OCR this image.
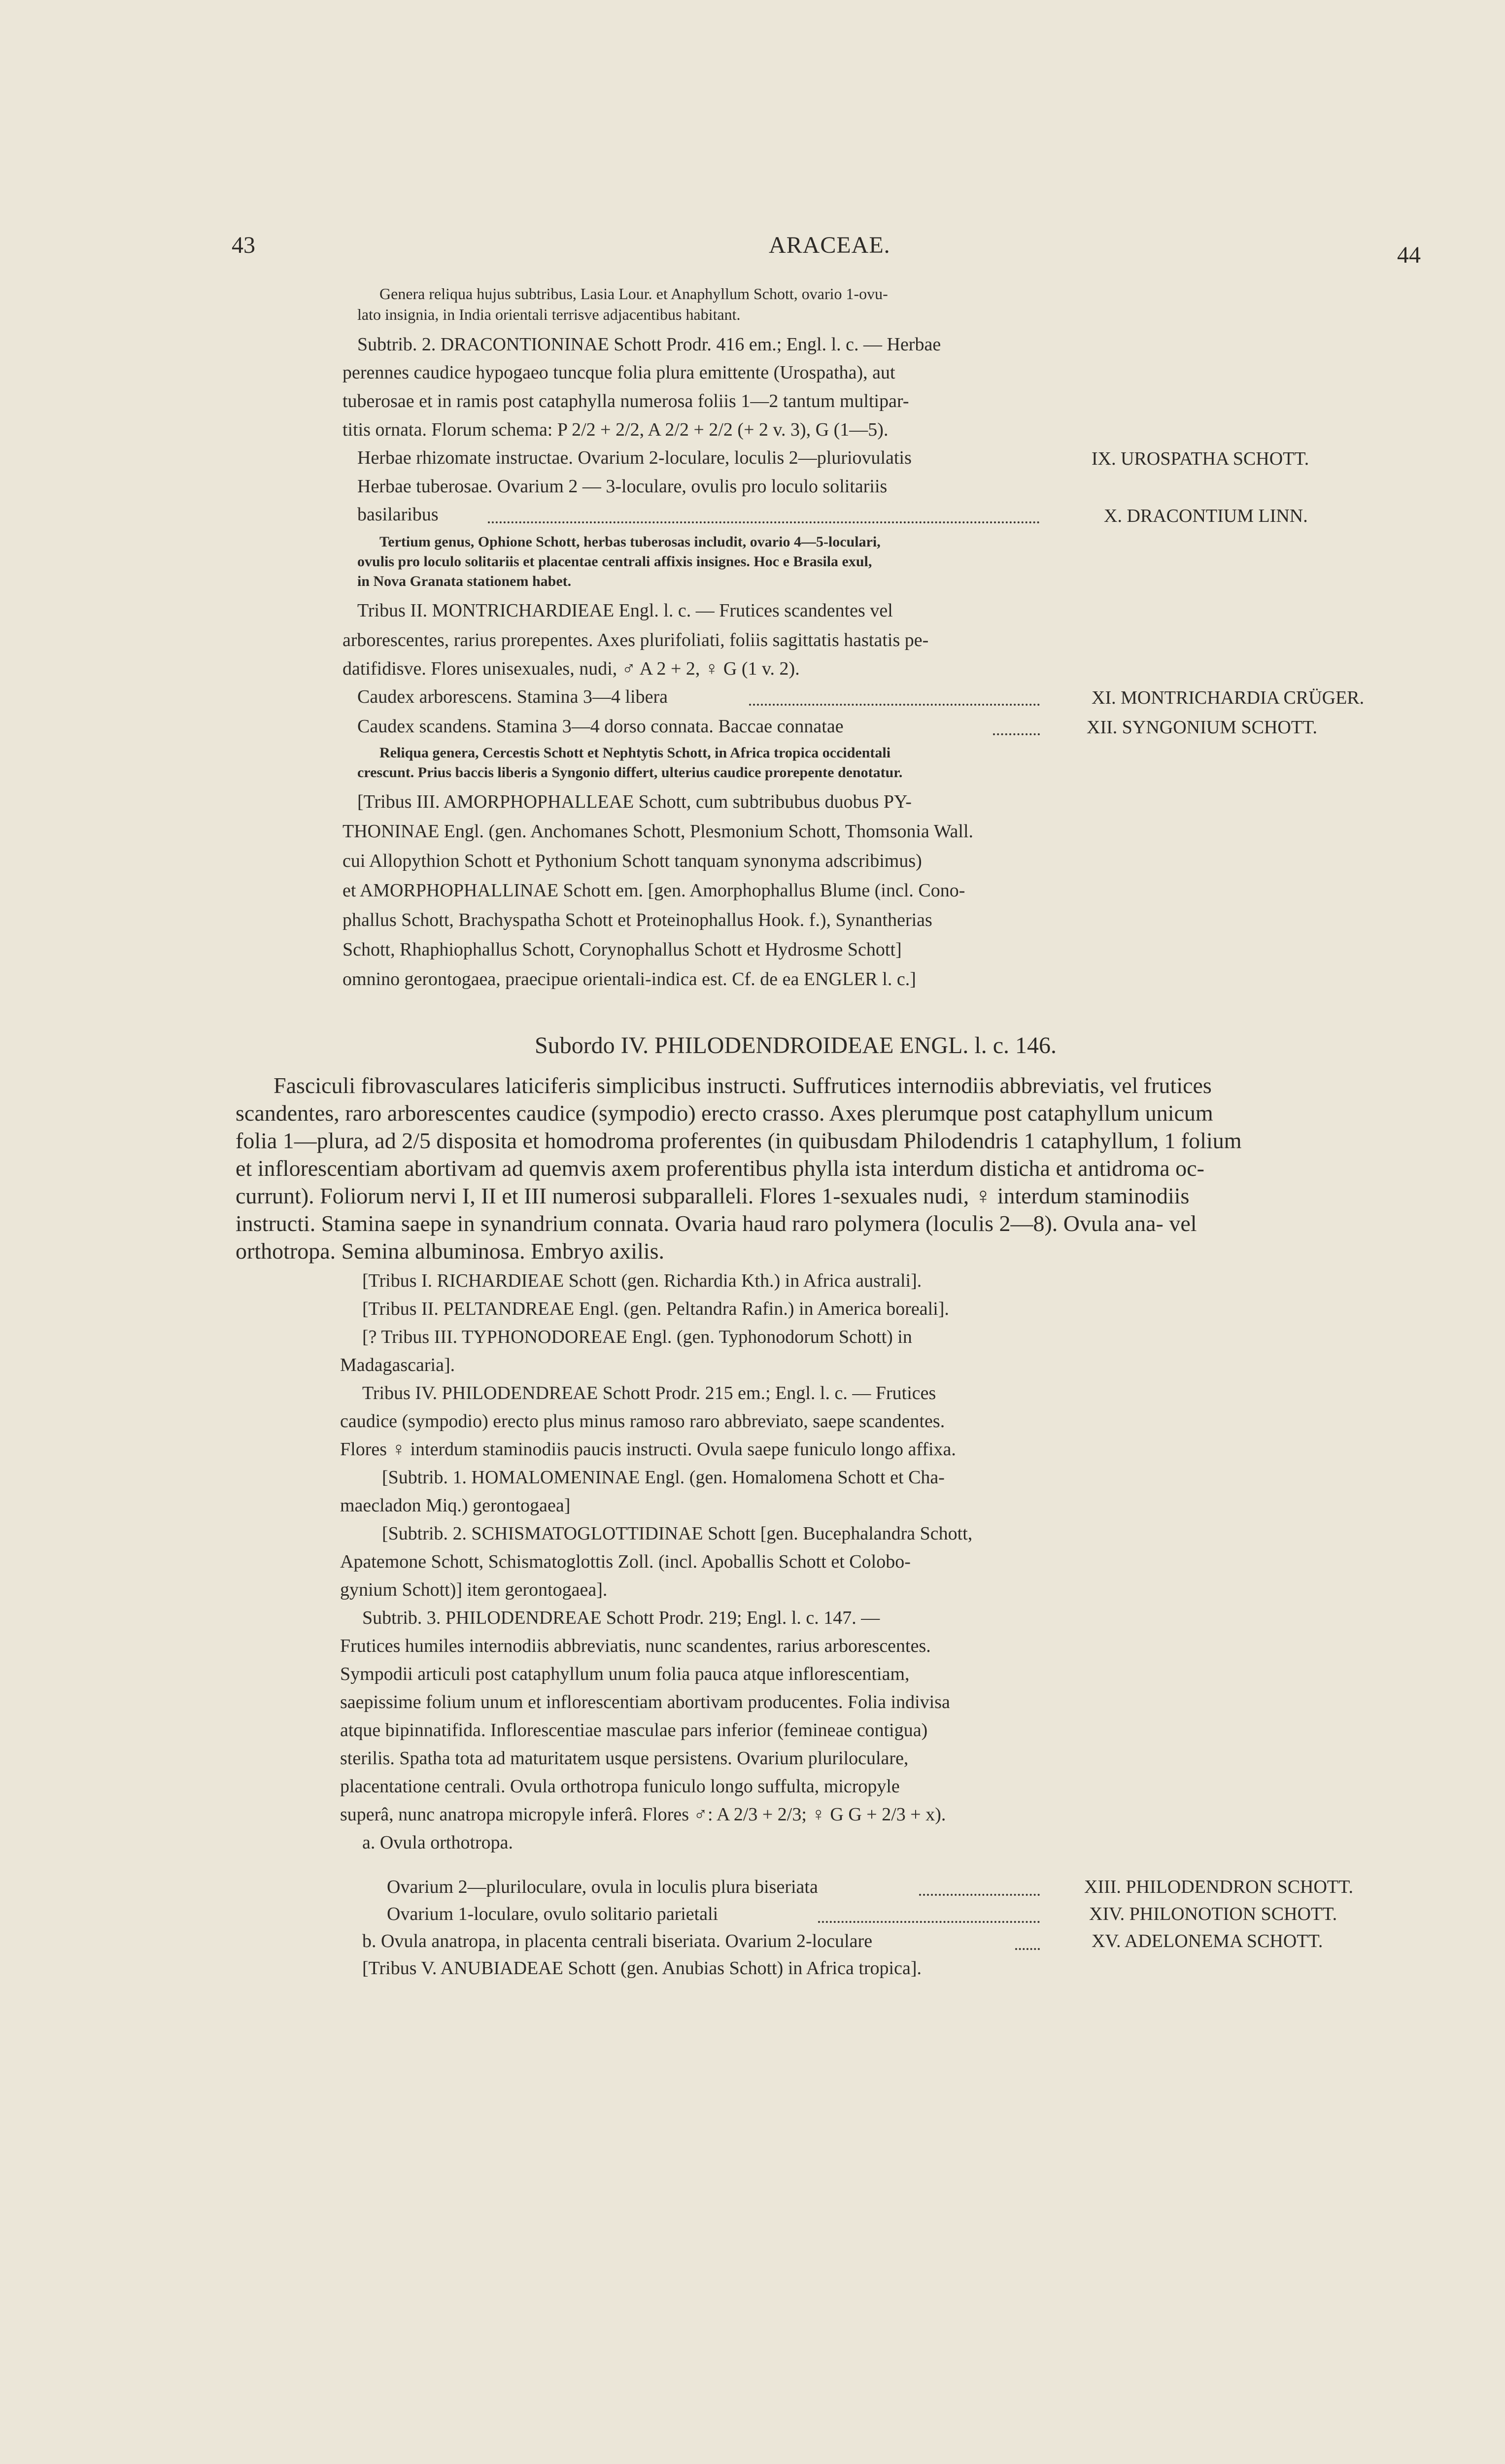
43	ARACEAE.	44
Genera reliqua hujus subtribus, Lasia Lour. et Anaphyllum Schott, ovario 1-ovu-
lato insignia, in India orientali terrisve adjacentibus habitant.
Subtrib. 2. DRACONTIONINAE Schott Prodr. 416 em.; Engl. l. c. — Herbae
perennes caudice hypogaeo tuncque folia plura emittente (Urospatha), aut
tuberosae et in ramis post cataphylla numerosa foliis 1—2 tantum multipar-
titis ornata. Florum schema: P 2/2 + 2/2, A 2/2 + 2/2 (+ 2 v. 3), G (1—5).
Herbae rhizomate instructae. Ovarium 2-loculare, loculis 2—pluriovulatis
Herbae tuberosae. Ovarium 2 — 3-loculare, ovulis pro loculo solitariis
basilaribus
Tertium genus, Ophione Schott, herbas tuberosas includit, ovario 4—5-loculari,
ovulis pro loculo solitariis et placentae centrali affixis insignes. Hoc e Brasila exul,
in Nova Granata stationem habet.
Tribus II. MONTRICHARDIEAE Engl. l. c. — Frutices scandentes vel
arborescentes, rarius prorepentes. Axes plurifoliati, foliis sagittatis hastatis pe-
datifidisve. Flores unisexuales, nudi, ♂ A 2 + 2, ♀ G (1 v. 2).
Caudex arborescens. Stamina 3—4 libera
Caudex scandens. Stamina 3—4 dorso connata. Baccae connatae
Reliqua genera, Cercestis Schott et Nephtytis Schott, in Africa tropica occidentali
crescunt. Prius baccis liberis a Syngonio differt, ulterius caudice prorepente denotatur.
[Tribus III. AMORPHOPHALLEAE Schott, cum subtribubus duobus PY-
THONINAE Engl. (gen. Anchomanes Schott, Plesmonium Schott, Thomsonia Wall.
cui Allopythion Schott et Pythonium Schott tanquam synonyma adscribimus)
et AMORPHOPHALLINAE Schott em. [gen. Amorphophallus Blume (incl. Cono-
phallus Schott, Brachyspatha Schott et Proteinophallus Hook. f.), Synantherias
Schott, Rhaphiophallus Schott, Corynophallus Schott et Hydrosme Schott]
omnino gerontogaea, praecipue orientali-indica est. Cf. de ea ENGLER l. c.]
IX. UROSPATHA SCHOTT.
X. DRACONTIUM LINN.
XI. MONTRICHARDIA CRÜGER.
XII. SYNGONIUM SCHOTT.
Subordo IV. PHILODENDROIDEAE ENGL. l. c. 146.
Fasciculi fibrovasculares laticiferis simplicibus instructi. Suffrutices internodiis abbreviatis, vel frutices
scandentes, raro arborescentes caudice (sympodio) erecto crasso. Axes plerumque post cataphyllum unicum
folia 1—plura, ad 2/5 disposita et homodroma proferentes (in quibusdam Philodendris 1 cataphyllum, 1 folium
et inflorescentiam abortivam ad quemvis axem proferentibus phylla ista interdum disticha et antidroma oc-
currunt). Foliorum nervi I, II et III numerosi subparalleli. Flores 1-sexuales nudi, ♀ interdum staminodiis
instructi. Stamina saepe in synandrium connata. Ovaria haud raro polymera (loculis 2—8). Ovula ana- vel
orthotropa. Semina albuminosa. Embryo axilis.
[Tribus I. RICHARDIEAE Schott (gen. Richardia Kth.) in Africa australi].
[Tribus II. PELTANDREAE Engl. (gen. Peltandra Rafin.) in America boreali].
[? Tribus III. TYPHONODOREAE Engl. (gen. Typhonodorum Schott) in
Madagascaria].
Tribus IV. PHILODENDREAE Schott Prodr. 215 em.; Engl. l. c. — Frutices
caudice (sympodio) erecto plus minus ramoso raro abbreviato, saepe scandentes.
Flores ♀ interdum staminodiis paucis instructi. Ovula saepe funiculo longo affixa.
[Subtrib. 1. HOMALOMENINAE Engl. (gen. Homalomena Schott et Cha-
maecladon Miq.) gerontogaea]
[Subtrib. 2. SCHISMATOGLOTTIDINAE Schott [gen. Bucephalandra Schott,
Apatemone Schott, Schismatoglottis Zoll. (incl. Apoballis Schott et Colobo-
gynium Schott)] item gerontogaea].
Subtrib. 3. PHILODENDREAE Schott Prodr. 219; Engl. l. c. 147. —
Frutices humiles internodiis abbreviatis, nunc scandentes, rarius arborescentes.
Sympodii articuli post cataphyllum unum folia pauca atque inflorescentiam,
saepissime folium unum et inflorescentiam abortivam producentes. Folia indivisa
atque bipinnatifida. Inflorescentiae masculae pars inferior (femineae contigua)
sterilis. Spatha tota ad maturitatem usque persistens. Ovarium pluriloculare,
placentatione centrali. Ovula orthotropa funiculo longo suffulta, micropyle
superâ, nunc anatropa micropyle inferâ. Flores ♂: A 2/3 + 2/3; ♀ G G + 2/3 + x).
a. Ovula orthotropa.
Ovarium 2—pluriloculare, ovula in loculis plura biseriata
Ovarium 1-loculare, ovulo solitario parietali
b. Ovula anatropa, in placenta centrali biseriata. Ovarium 2-loculare
[Tribus V. ANUBIADEAE Schott (gen. Anubias Schott) in Africa tropica].
XIII. PHILODENDRON SCHOTT.
XIV. PHILONOTION SCHOTT.
XV. ADELONEMA SCHOTT.
